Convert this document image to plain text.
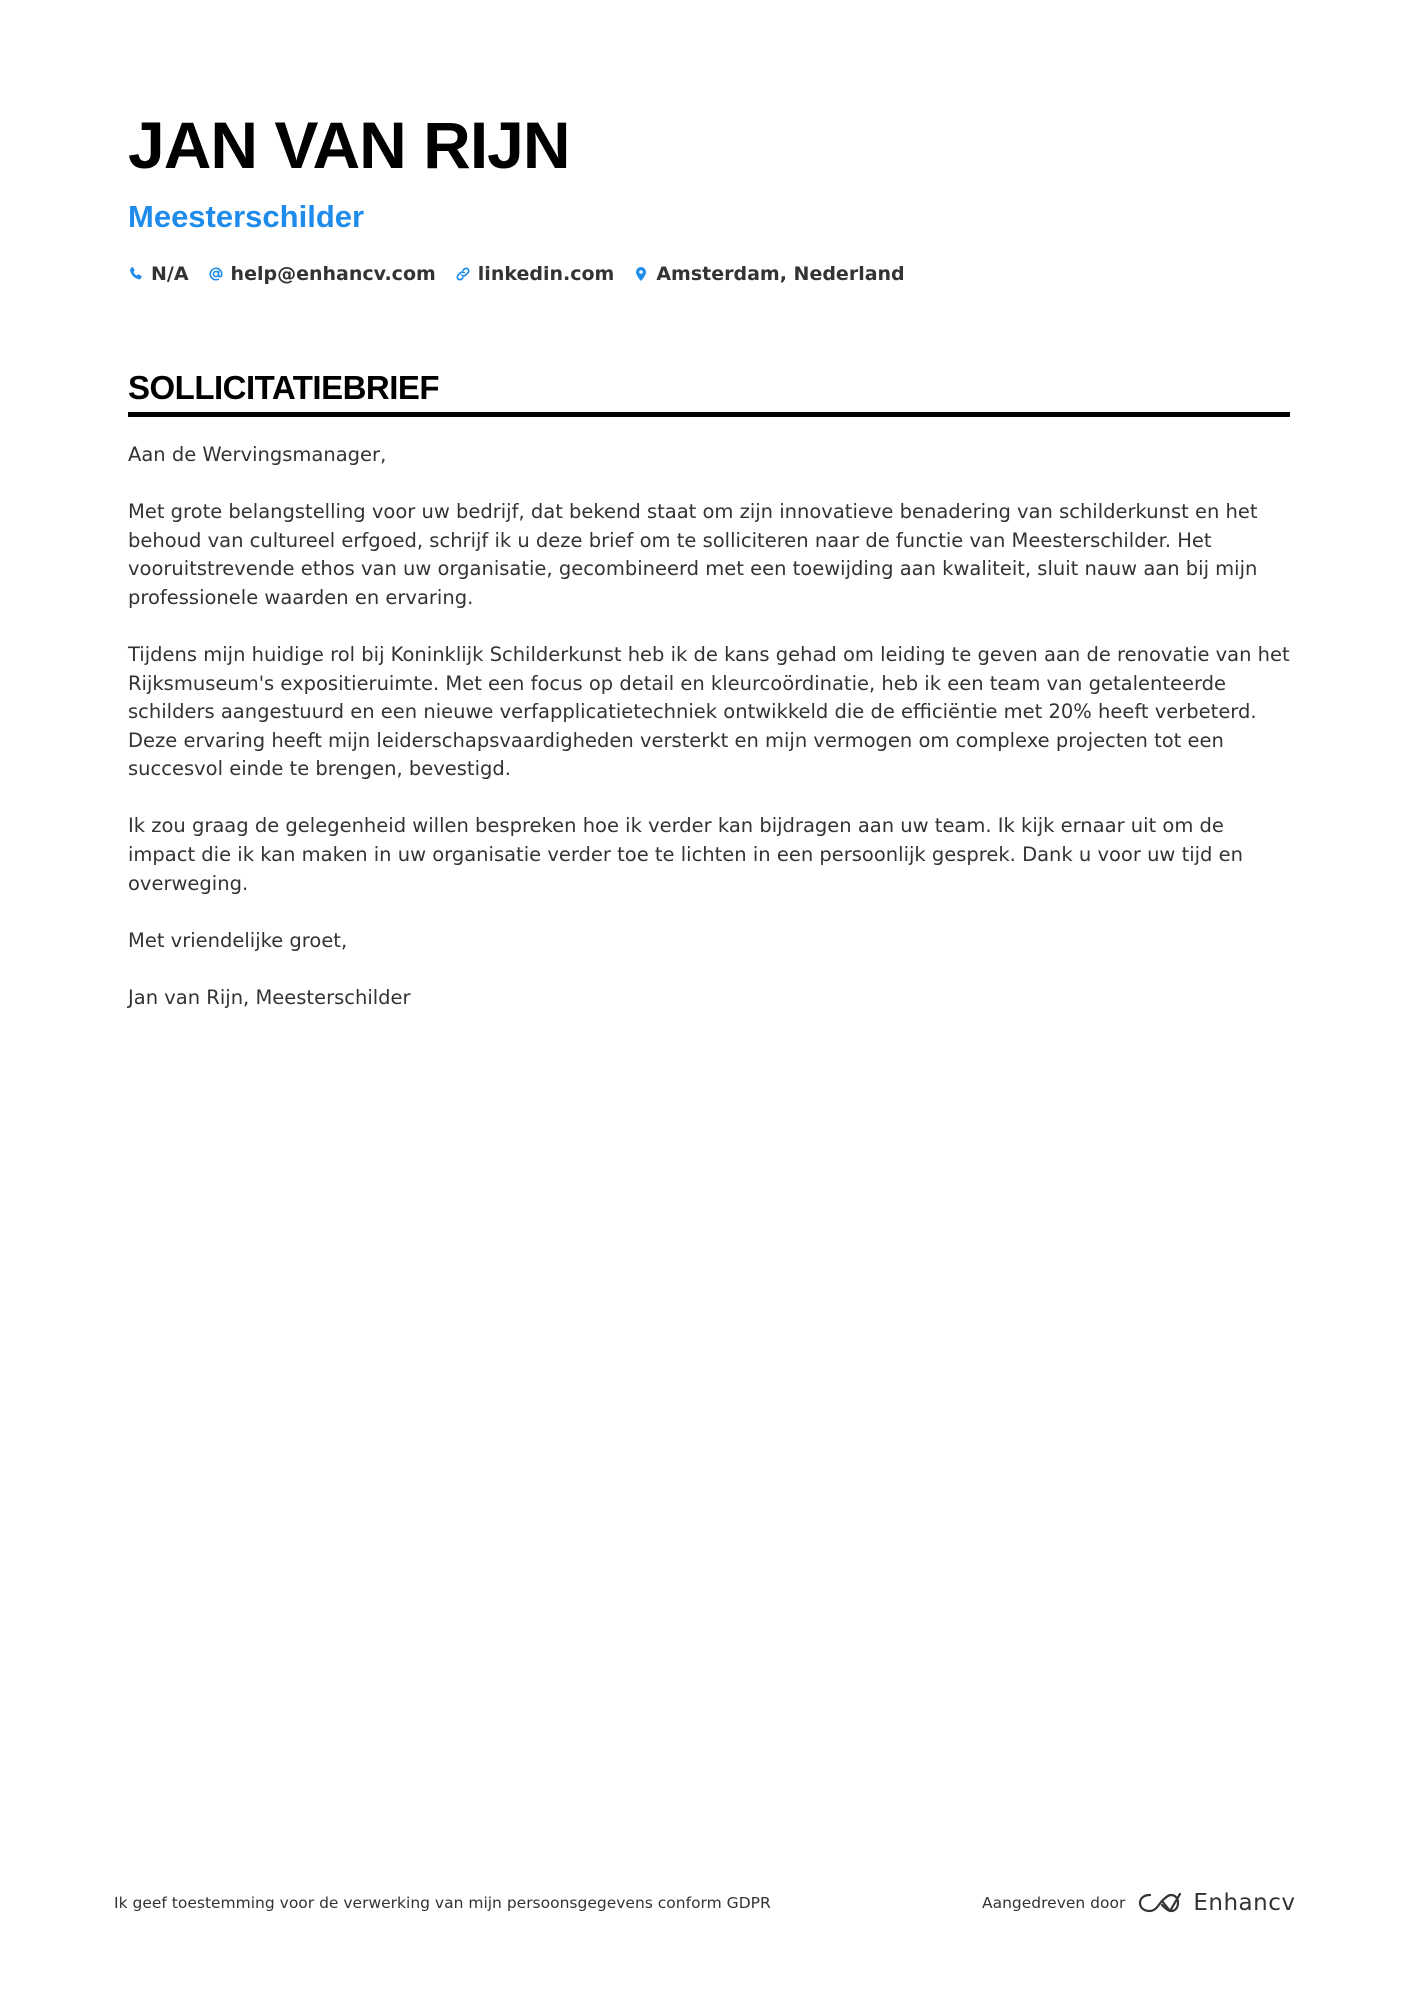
JAN VAN RIJN
Meesterschilder
N/A help@enhancv.com linkedin.com Amsterdam, Nederland
SOLLICITATIEBRIEF

Aan de Wervingsmanager,

Met grote belangstelling voor uw bedrijf, dat bekend staat om zijn innovatieve benadering van schilderkunst en het behoud van cultureel erfgoed, schrijf ik u deze brief om te solliciteren naar de functie van Meesterschilder. Het vooruitstrevende ethos van uw organisatie, gecombineerd met een toewijding aan kwaliteit, sluit nauw aan bij mijn professionele waarden en ervaring.

Tijdens mijn huidige rol bij Koninklijk Schilderkunst heb ik de kans gehad om leiding te geven aan de renovatie van het Rijksmuseum's expositieruimte. Met een focus op detail en kleurcoördinatie, heb ik een team van getalenteerde schilders aangestuurd en een nieuwe verfapplicatietechniek ontwikkeld die de efficiëntie met 20% heeft verbeterd. Deze ervaring heeft mijn leiderschapsvaardigheden versterkt en mijn vermogen om complexe projecten tot een succesvol einde te brengen, bevestigd.

Ik zou graag de gelegenheid willen bespreken hoe ik verder kan bijdragen aan uw team. Ik kijk ernaar uit om de impact die ik kan maken in uw organisatie verder toe te lichten in een persoonlijk gesprek. Dank u voor uw tijd en overweging.

Met vriendelijke groet,

Jan van Rijn, Meesterschilder

Ik geef toestemming voor de verwerking van mijn persoonsgegevens conform GDPR	Aangedreven door	Enhancv
